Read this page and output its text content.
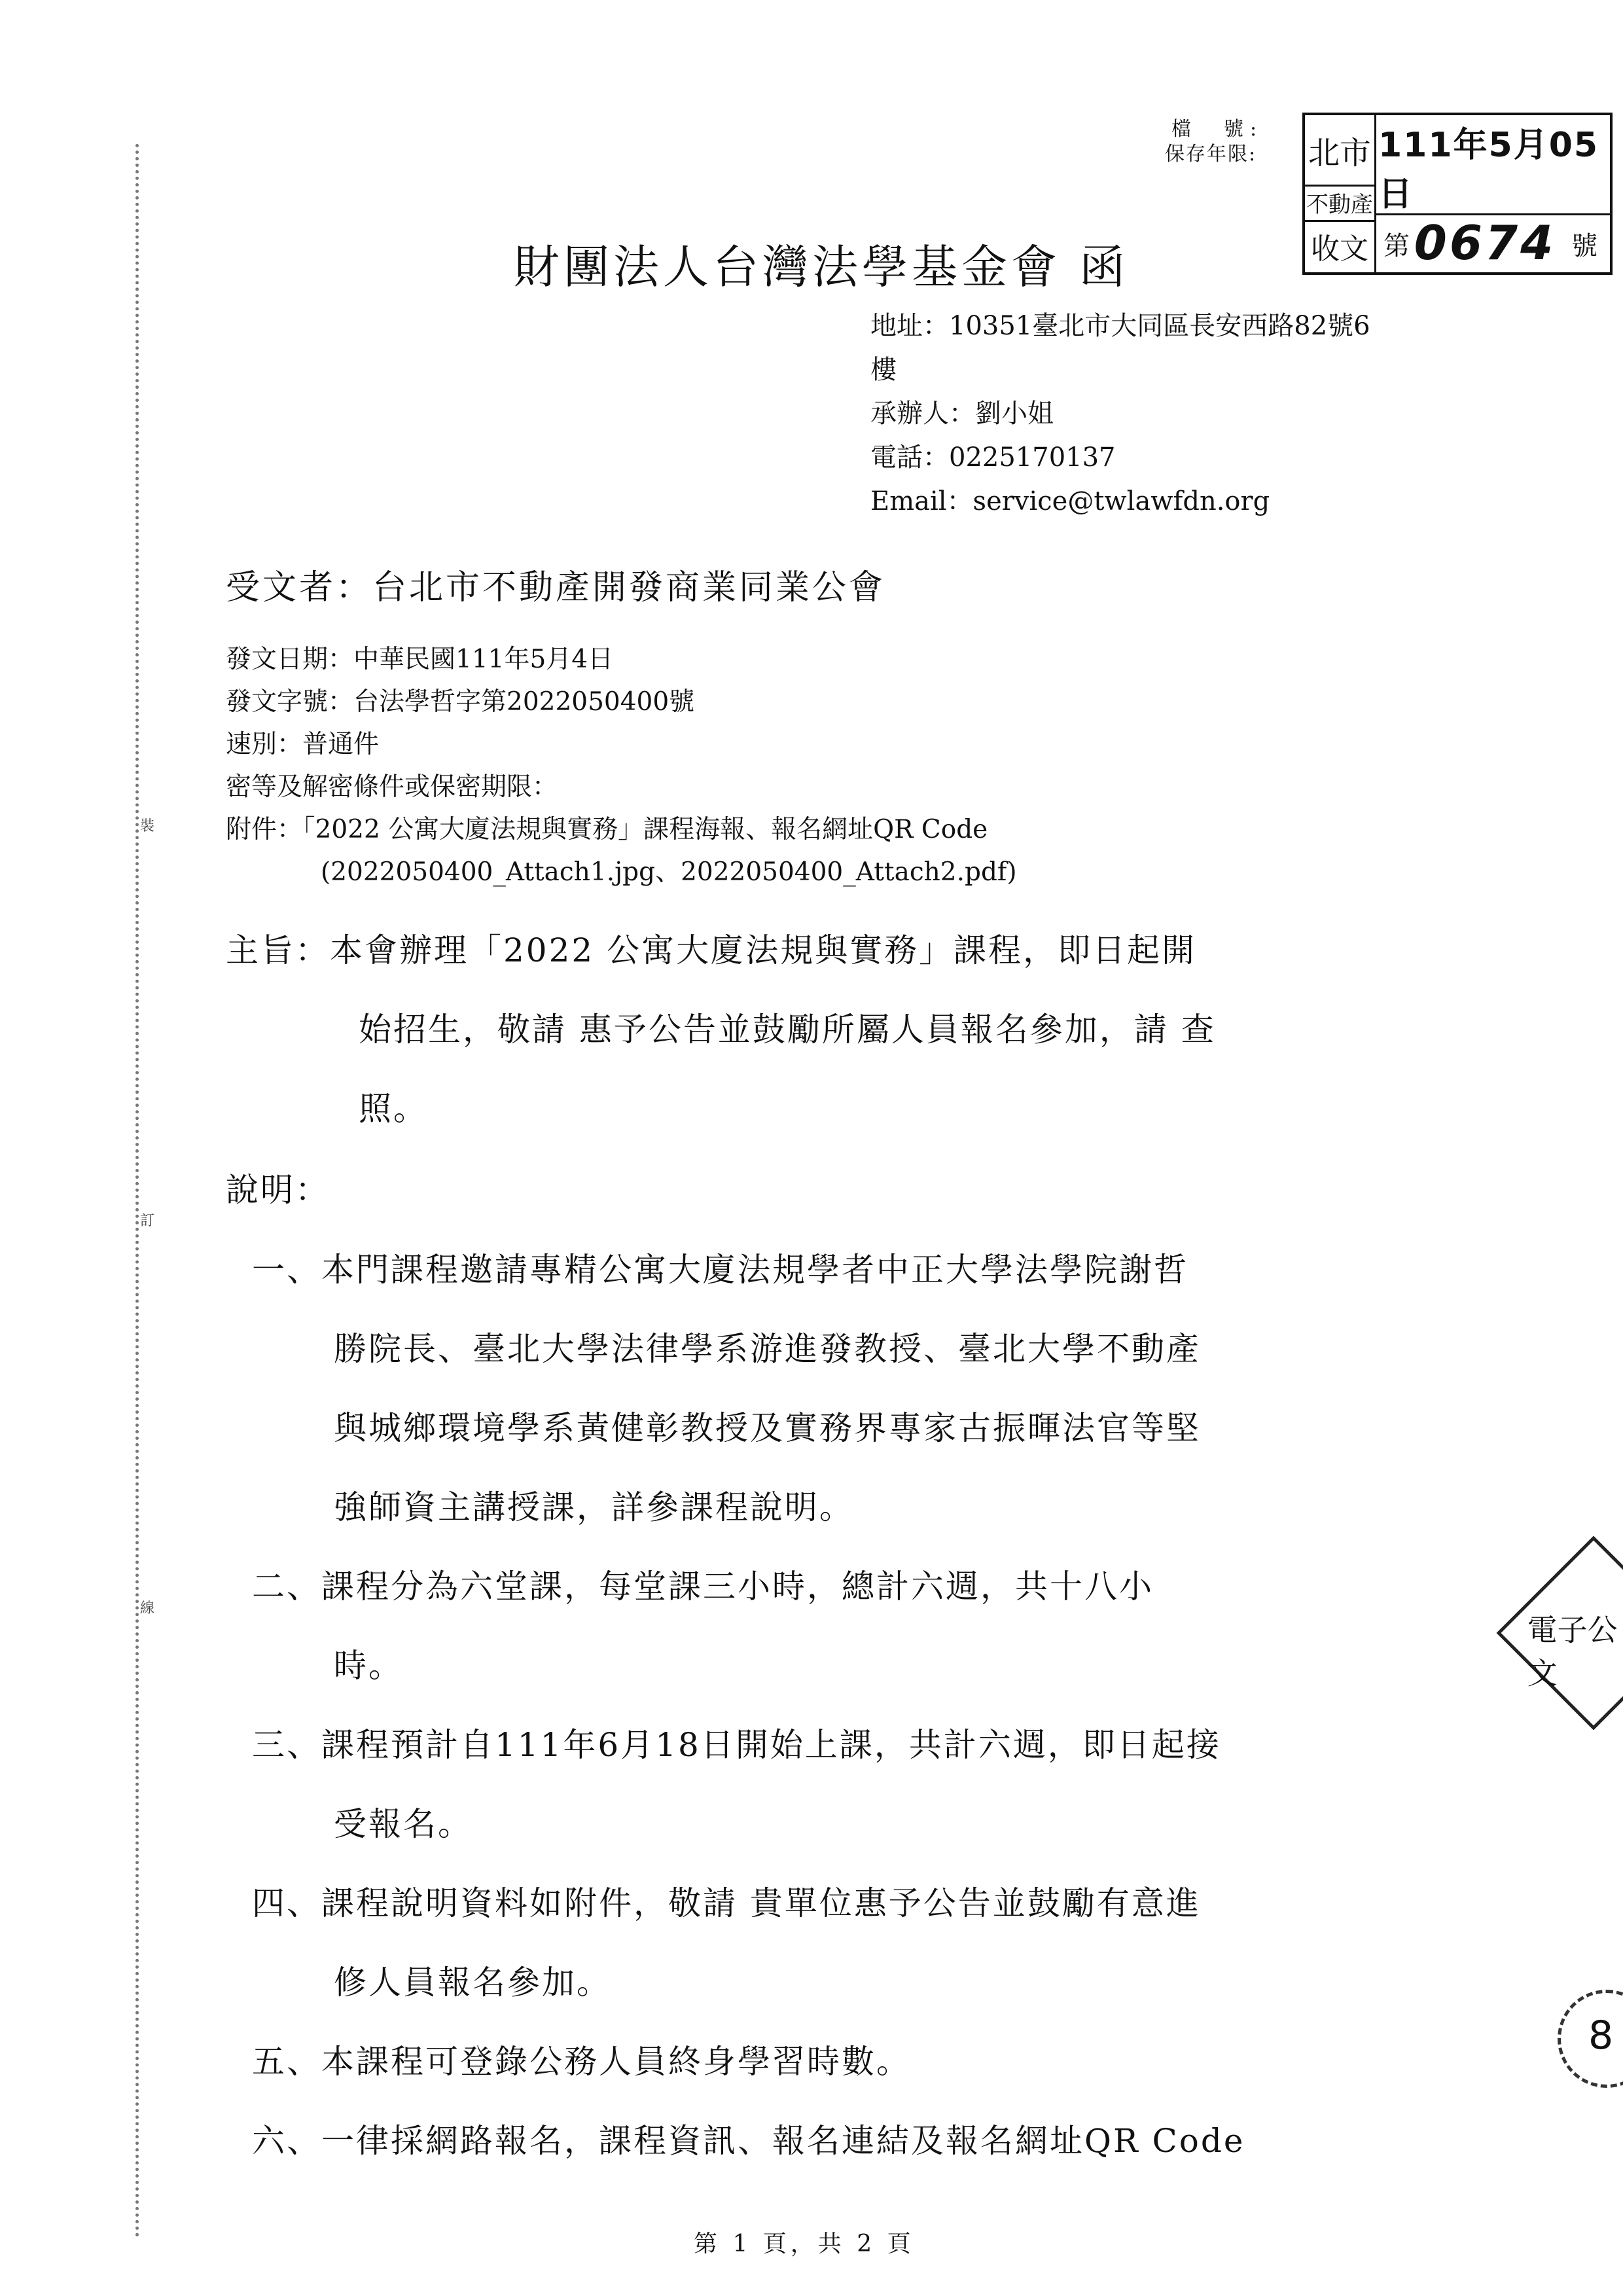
裝
訂
線
檔　號:
保存年限: 北市
不動產
收文
111年5月05日
第 0674 號
財團法人台灣法學基金會 函
地址：10351臺北市大同區長安西路82號6
樓
承辦人：劉小姐
電話：0225170137
Email：service@twlawfdn.org
受文者：台北市不動產開發商業同業公會
發文日期：中華民國111年5月4日
發文字號：台法學哲字第2022050400號
速別：普通件
密等及解密條件或保密期限：
附件：「2022 公寓大廈法規與實務」課程海報、報名網址QR Code
(2022050400_Attach1.jpg、2022050400_Attach2.pdf)
主旨：本會辦理「2022 公寓大廈法規與實務」課程，即日起開
始招生，敬請 惠予公告並鼓勵所屬人員報名參加，請 查
照。
說明：
一、本門課程邀請專精公寓大廈法規學者中正大學法學院謝哲
勝院長、臺北大學法律學系游進發教授、臺北大學不動產
與城鄉環境學系黃健彰教授及實務界專家古振暉法官等堅
強師資主講授課，詳參課程說明。
二、課程分為六堂課，每堂課三小時，總計六週，共十八小
時。
三、課程預計自111年6月18日開始上課，共計六週，即日起接
受報名。
四、課程說明資料如附件，敬請 貴單位惠予公告並鼓勵有意進
修人員報名參加。
五、本課程可登錄公務人員終身學習時數。
六、一律採網路報名，課程資訊、報名連結及報名網址QR Code
電子公文
8
第 1 頁，共 2 頁
